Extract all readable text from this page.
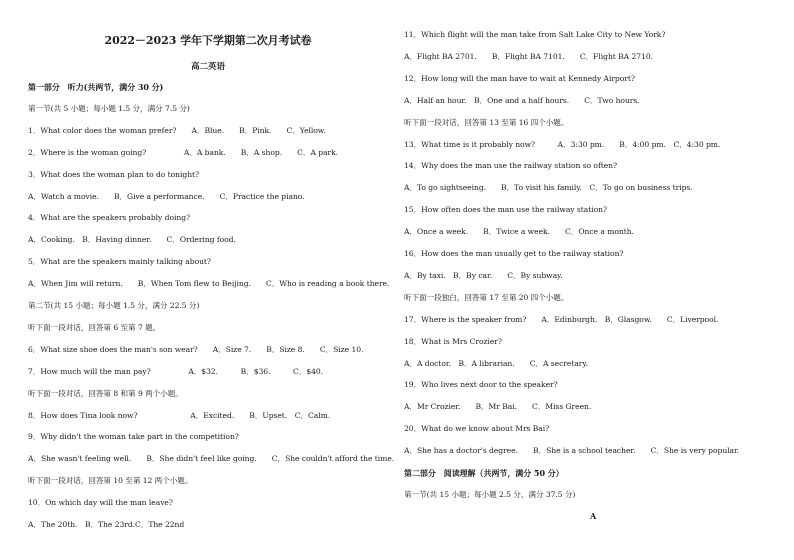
2022－2023 学年下学期第二次月考试卷
高二英语
第一部分　听力(共两节，满分 30 分)
第一节(共 5 小题；每小题 1.5 分，满分 7.5 分)
1．What color does the woman prefer?　　A．Blue.　　B．Pink.　　C．Yellow.
2．Where is the woman going?　　　　　A．A bank.　　B．A shop.　　C．A park.
3．What does the woman plan to do tonight?
A．Watch a movie.　　B．Give a performance.　　C．Practice the piano.
4．What are the speakers probably doing?
A．Cooking.　B．Having dinner.　　C．Ordering food.
5．What are the speakers mainly talking about?
A．When Jim will return.　　B．When Tom flew to Beijing.　　C．Who is reading a book there.
第二节(共 15 小题；每小题 1.5 分，满分 22.5 分)
听下面一段对话，回答第 6 至第 7 题。
6．What size shoe does the man's son wear?　　A．Size 7.　　B．Size 8.　　C．Size 10.
7．How much will the man pay?　　　　　A．$32.　　　B．$36.　　　C．$40.
听下面一段对话，回答第 8 和第 9 两个小题。
8．How does Tina look now?　　　　　　　A．Excited.　　B．Upset.　C．Calm.
9．Why didn't the woman take part in the competition?
A．She wasn't feeling well.　　B．She didn't feel like going.　　C．She couldn't afford the time.
听下面一段对话，回答第 10 至第 12 两个小题。
10．On which day will the man leave?
A．The 20th.　B．The 23rd.C．The 22nd
11．Which flight will the man take from Salt Lake City to New York?
A．Flight BA 2701.　　B．Flight BA 7101.　　C．Flight BA 2710.
12．How long will the man have to wait at Kennedy Airport?
A．Half an hour.　B．One and a half hours.　　C．Two hours.
听下面一段对话，回答第 13 至第 16 四个小题。
13．What time is it probably now?　　　A．3:30 pm.　　B．4:00 pm.　C．4:30 pm.
14．Why does the man use the railway station so often?
A．To go sightseeing.　　B．To visit his family.　C．To go on business trips.
15．How often does the man use the railway station?
A．Once a week.　　B．Twice a week.　　C．Once a month.
16．How does the man usually get to the railway station?
A．By taxi.　B．By car.　　C．By subway.
听下面一段独白，回答第 17 至第 20 四个小题。
17．Where is the speaker from?　　A．Edinburgh.　B．Glasgow.　　C．Liverpool.
18．What is Mrs Crozier?
A．A doctor.　B．A librarian.　　C．A secretary.
19．Who lives next door to the speaker?
A．Mr Crozier.　　B．Mr Bai.　　C．Miss Green.
20．What do we know about Mrs Bai?
A．She has a doctor's degree.　　B．She is a school teacher.　　C．She is very popular.
第二部分　阅读理解（共两节，满分 50 分）
第一节(共 15 小题；每小题 2.5 分，满分 37.5 分)
A
